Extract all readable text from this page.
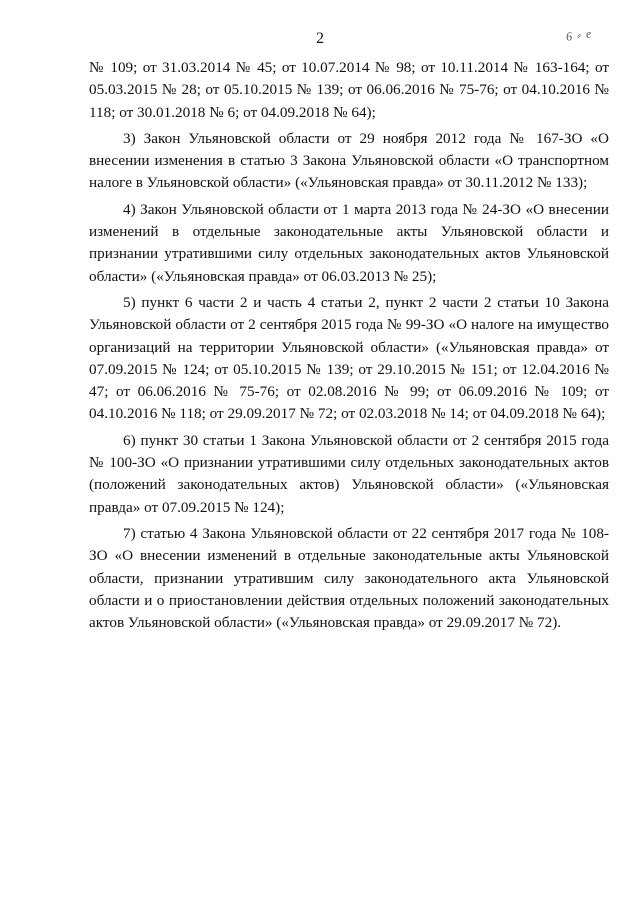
2	6 ⸗ е

№ 109; от 31.03.2014 № 45; от 10.07.2014 № 98; от 10.11.2014 № 163-164; от 05.03.2015 № 28; от 05.10.2015 № 139; от 06.06.2016 № 75-76; от 04.10.2016 № 118; от 30.01.2018 № 6; от 04.09.2018 № 64);

3) Закон Ульяновской области от 29 ноября 2012 года № 167-ЗО «О внесении изменения в статью 3 Закона Ульяновской области «О транспортном налоге в Ульяновской области» («Ульяновская правда» от 30.11.2012 № 133);

4) Закон Ульяновской области от 1 марта 2013 года № 24-ЗО «О внесении изменений в отдельные законодательные акты Ульяновской области и признании утратившими силу отдельных законодательных актов Ульяновской области» («Ульяновская правда» от 06.03.2013 № 25);

5) пункт 6 части 2 и часть 4 статьи 2, пункт 2 части 2 статьи 10 Закона Ульяновской области от 2 сентября 2015 года № 99-ЗО «О налоге на имущество организаций на территории Ульяновской области» («Ульяновская правда» от 07.09.2015 № 124; от 05.10.2015 № 139; от 29.10.2015 № 151; от 12.04.2016 № 47; от 06.06.2016 № 75-76; от 02.08.2016 № 99; от 06.09.2016 № 109; от 04.10.2016 № 118; от 29.09.2017 № 72; от 02.03.2018 № 14; от 04.09.2018 № 64);

6) пункт 30 статьи 1 Закона Ульяновской области от 2 сентября 2015 года № 100-ЗО «О признании утратившими силу отдельных законодательных актов (положений законодательных актов) Ульяновской области» («Ульяновская правда» от 07.09.2015 № 124);

7) статью 4 Закона Ульяновской области от 22 сентября 2017 года № 108-ЗО «О внесении изменений в отдельные законодательные акты Ульяновской области, признании утратившим силу законодательного акта Ульяновской области и о приостановлении действия отдельных положений законодательных актов Ульяновской области» («Ульяновская правда» от 29.09.2017 № 72).
